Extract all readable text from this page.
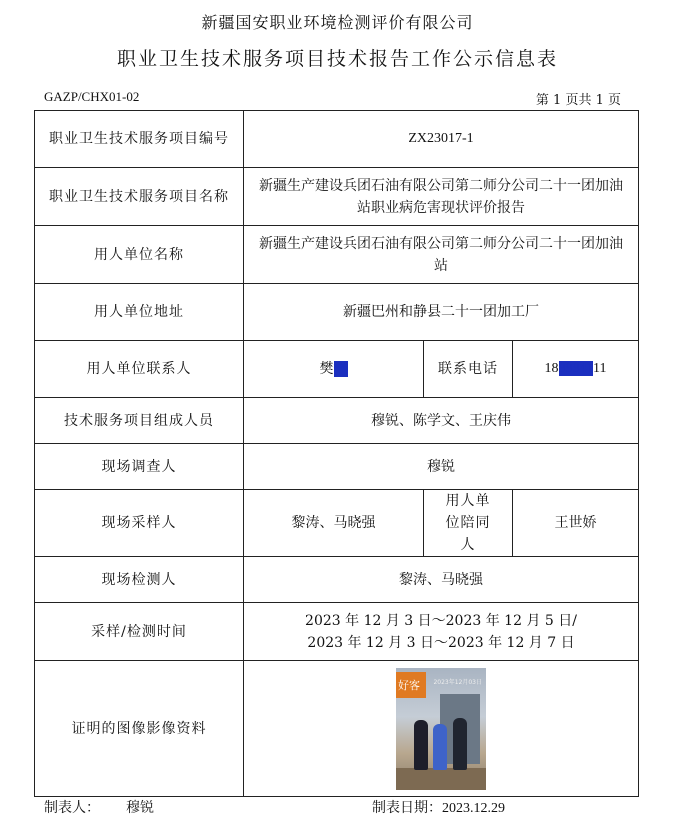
新疆国安职业环境检测评价有限公司
职业卫生技术服务项目技术报告工作公示信息表
GAZP/CHX01-02	第 1 页共 1 页
职业卫生技术服务项目编号	ZX23017-1		
职业卫生技术服务项目名称	新疆生产建设兵团石油有限公司第二师分公司二十一团加油站职业病危害现状评价报告		
用人单位名称	新疆生产建设兵团石油有限公司第二师分公司二十一团加油站		
用人单位地址	新疆巴州和静县二十一团加工厂		
用人单位联系人	樊**	联系电话	189994111
技术服务项目组成人员	穆锐、陈学文、王庆伟		
现场调查人	穆锐		
现场采样人	黎涛、马晓强	用人单位陪同人	王世娇
现场检测人	黎涛、马晓强		
采样/检测时间	2023 年 12 月 3 日～2023 年 12 月 5 日/
2023 年 12 月 3 日～2023 年 12 月 7 日		

证明的图像影像资料	好客 2023年12月03日		
制表人： 穆锐	制表日期：2023.12.29
